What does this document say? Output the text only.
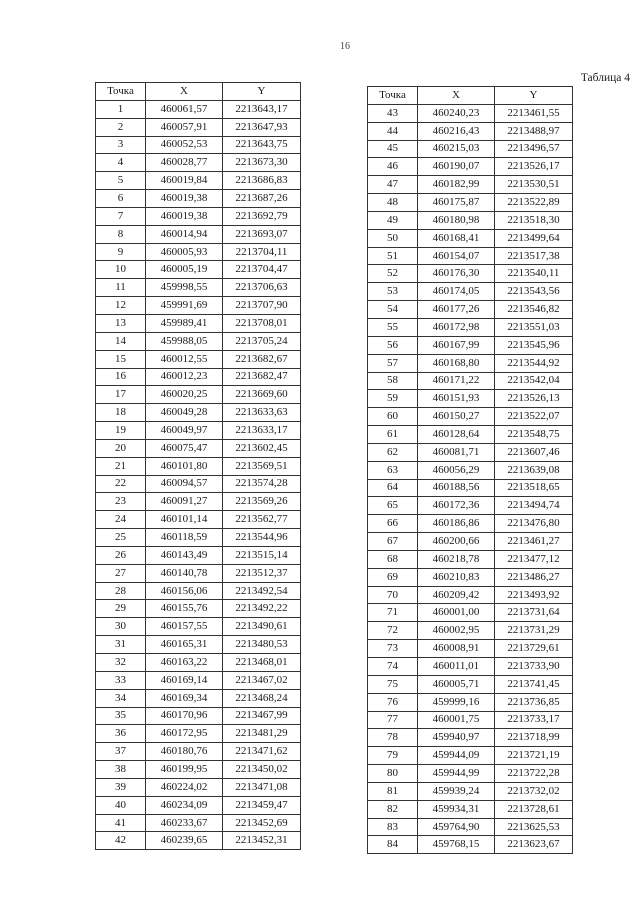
16
Таблица 4
Точка	X	Y
1	460061,57	2213643,17
2	460057,91	2213647,93
3	460052,53	2213643,75
4	460028,77	2213673,30
5	460019,84	2213686,83
6	460019,38	2213687,26
7	460019,38	2213692,79
8	460014,94	2213693,07
9	460005,93	2213704,11
10	460005,19	2213704,47
11	459998,55	2213706,63
12	459991,69	2213707,90
13	459989,41	2213708,01
14	459988,05	2213705,24
15	460012,55	2213682,67
16	460012,23	2213682,47
17	460020,25	2213669,60
18	460049,28	2213633,63
19	460049,97	2213633,17
20	460075,47	2213602,45
21	460101,80	2213569,51
22	460094,57	2213574,28
23	460091,27	2213569,26
24	460101,14	2213562,77
25	460118,59	2213544,96
26	460143,49	2213515,14
27	460140,78	2213512,37
28	460156,06	2213492,54
29	460155,76	2213492,22
30	460157,55	2213490,61
31	460165,31	2213480,53
32	460163,22	2213468,01
33	460169,14	2213467,02
34	460169,34	2213468,24
35	460170,96	2213467,99
36	460172,95	2213481,29
37	460180,76	2213471,62
38	460199,95	2213450,02
39	460224,02	2213471,08
40	460234,09	2213459,47
41	460233,67	2213452,69
42	460239,65	2213452,31
Точка	X	Y
43	460240,23	2213461,55
44	460216,43	2213488,97
45	460215,03	2213496,57
46	460190,07	2213526,17
47	460182,99	2213530,51
48	460175,87	2213522,89
49	460180,98	2213518,30
50	460168,41	2213499,64
51	460154,07	2213517,38
52	460176,30	2213540,11
53	460174,05	2213543,56
54	460177,26	2213546,82
55	460172,98	2213551,03
56	460167,99	2213545,96
57	460168,80	2213544,92
58	460171,22	2213542,04
59	460151,93	2213526,13
60	460150,27	2213522,07
61	460128,64	2213548,75
62	460081,71	2213607,46
63	460056,29	2213639,08
64	460188,56	2213518,65
65	460172,36	2213494,74
66	460186,86	2213476,80
67	460200,66	2213461,27
68	460218,78	2213477,12
69	460210,83	2213486,27
70	460209,42	2213493,92
71	460001,00	2213731,64
72	460002,95	2213731,29
73	460008,91	2213729,61
74	460011,01	2213733,90
75	460005,71	2213741,45
76	459999,16	2213736,85
77	460001,75	2213733,17
78	459940,97	2213718,99
79	459944,09	2213721,19
80	459944,99	2213722,28
81	459939,24	2213732,02
82	459934,31	2213728,61
83	459764,90	2213625,53
84	459768,15	2213623,67
